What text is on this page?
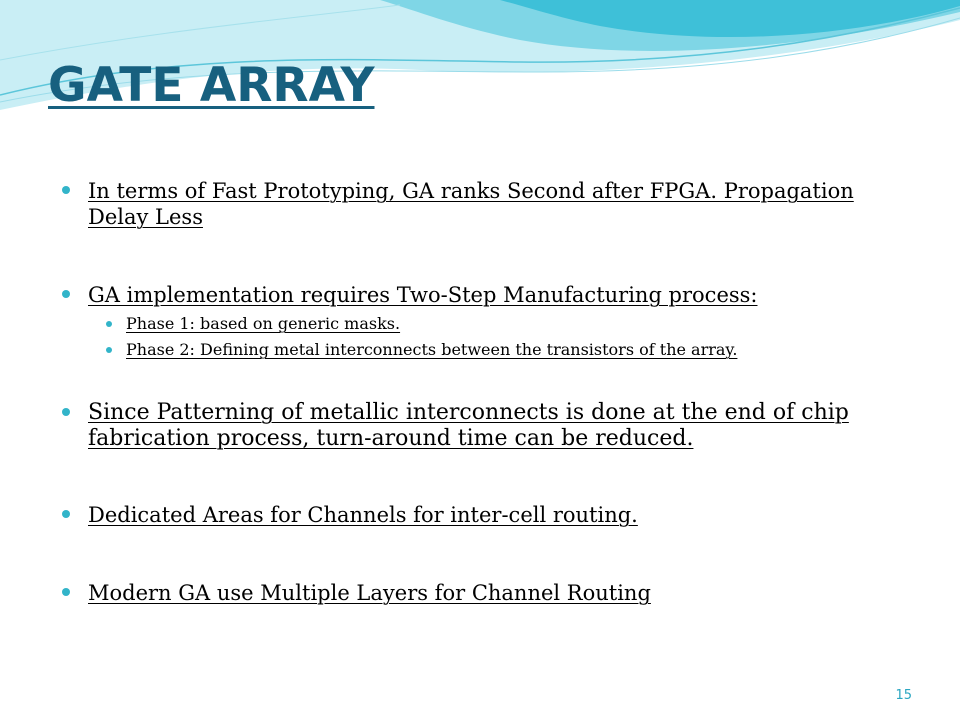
GATE ARRAY
In terms of Fast Prototyping, GA ranks Second after FPGA. Propagation Delay Less
GA implementation requires Two-Step Manufacturing process:
Phase 1: based on generic masks.
Phase 2: Defining metal interconnects between the transistors of the array.
Since Patterning of metallic interconnects is done at the end of chip fabrication process, turn-around time can be reduced.
Dedicated Areas for Channels for inter-cell routing.
Modern GA use Multiple Layers for Channel Routing
15
